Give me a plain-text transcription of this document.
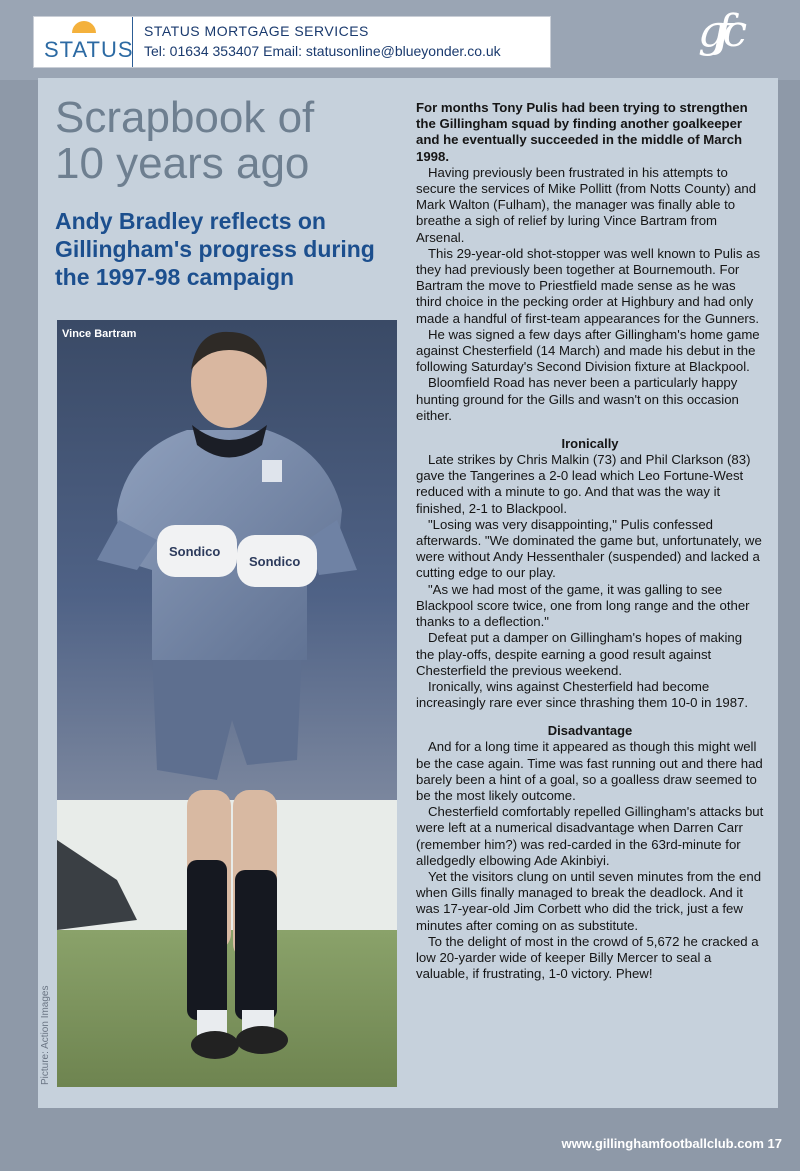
STATUS
STATUS MORTGAGE SERVICES
Tel: 01634 353407 Email: statusonline@blueyonder.co.uk	gfc
Scrapbook of
10 years ago
Andy Bradley reflects on Gillingham's progress during the 1997-98 campaign
Sondico
Sondico
Vince Bartram
Picture: Action Images

For months Tony Pulis had been trying to strengthen the Gillingham squad by finding another goalkeeper and he eventually succeeded in the middle of March 1998.

Having previously been frustrated in his attempts to secure the services of Mike Pollitt (from Notts County) and Mark Walton (Fulham), the manager was finally able to breathe a sigh of relief by luring Vince Bartram from Arsenal.

This 29-year-old shot-stopper was well known to Pulis as they had previously been together at Bournemouth. For Bartram the move to Priestfield made sense as he was third choice in the pecking order at Highbury and had only made a handful of first-team appearances for the Gunners.

He was signed a few days after Gillingham's home game against Chesterfield (14 March) and made his debut in the following Saturday's Second Division fixture at Blackpool.

Bloomfield Road has never been a particularly happy hunting ground for the Gills and wasn't on this occasion either.

Ironically

Late strikes by Chris Malkin (73) and Phil Clarkson (83) gave the Tangerines a 2-0 lead which Leo Fortune-West reduced with a minute to go. And that was the way it finished, 2-1 to Blackpool.

"Losing was very disappointing," Pulis confessed afterwards. "We dominated the game but, unfortunately, we were without Andy Hessenthaler (suspended) and lacked a cutting edge to our play.

"As we had most of the game, it was galling to see Blackpool score twice, one from long range and the other thanks to a deflection."

Defeat put a damper on Gillingham's hopes of making the play-offs, despite earning a good result against Chesterfield the previous weekend.

Ironically, wins against Chesterfield had become increasingly rare ever since thrashing them 10-0 in 1987.

Disadvantage

And for a long time it appeared as though this might well be the case again. Time was fast running out and there had barely been a hint of a goal, so a goalless draw seemed to be the most likely outcome.

Chesterfield comfortably repelled Gillingham's attacks but were left at a numerical disadvantage when Darren Carr (remember him?) was red-carded in the 63rd-minute for alledgedly elbowing Ade Akinbiyi.

Yet the visitors clung on until seven minutes from the end when Gills finally managed to break the deadlock. And it was 17-year-old Jim Corbett who did the trick, just a few minutes after coming on as substitute.

To the delight of most in the crowd of 5,672 he cracked a low 20-yarder wide of keeper Billy Mercer to seal a valuable, if frustrating, 1-0 victory. Phew!

www.gillinghamfootballclub.com 17
